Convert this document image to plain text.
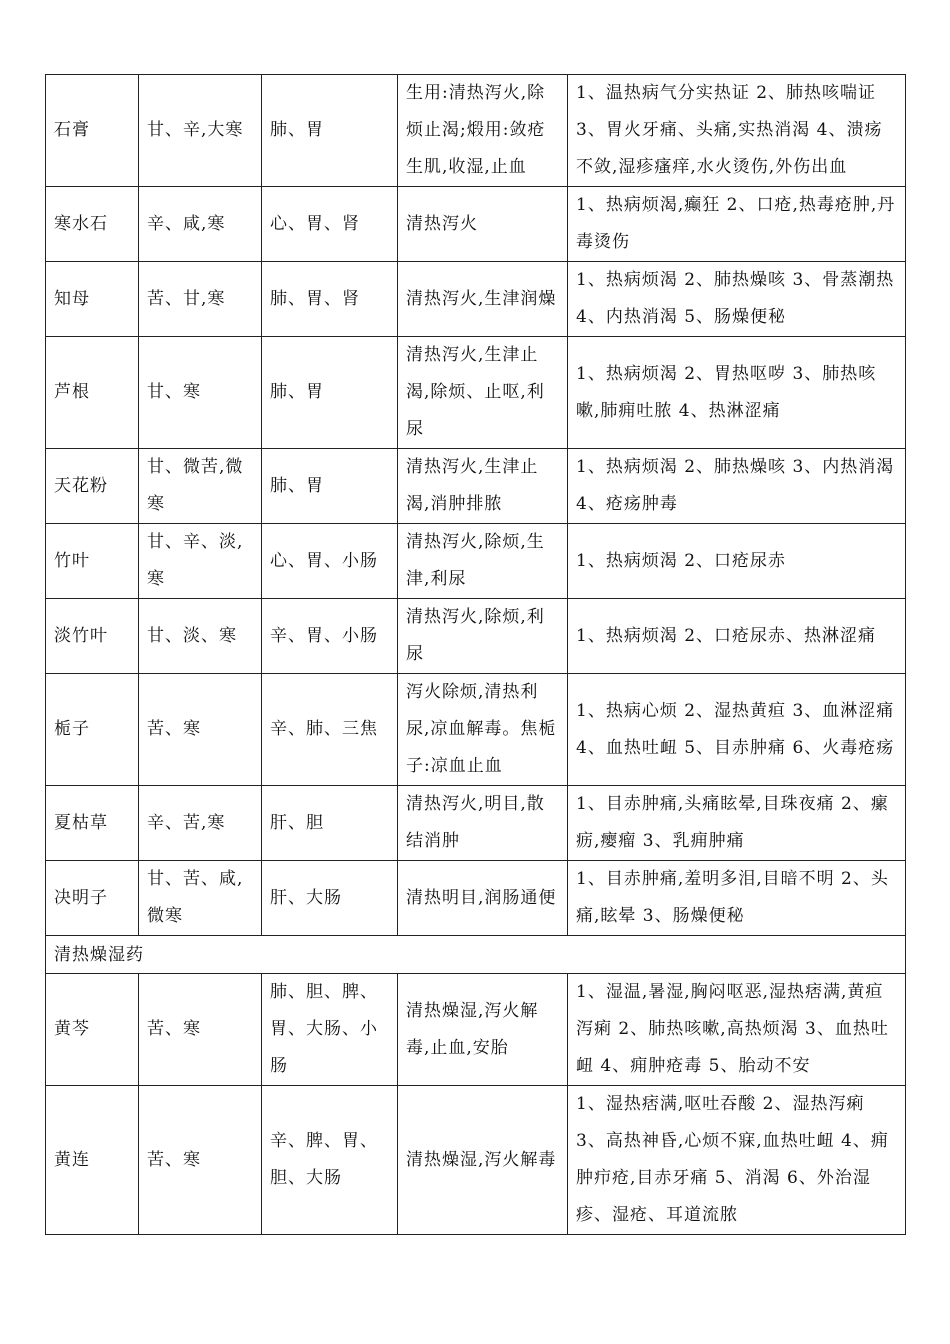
石膏	甘、辛,大寒	肺、胃	生用:清热泻火,除烦止渴;煅用:敛疮生肌,收湿,止血	1、温热病气分实热证 2、肺热咳喘证 3、胃火牙痛、头痛,实热消渴 4、溃疡不敛,湿疹瘙痒,水火烫伤,外伤出血
寒水石	辛、咸,寒	心、胃、肾	清热泻火	1、热病烦渴,癫狂 2、口疮,热毒疮肿,丹毒烫伤
知母	苦、甘,寒	肺、胃、肾	清热泻火,生津润燥	1、热病烦渴 2、肺热燥咳 3、骨蒸潮热 4、内热消渴 5、肠燥便秘
芦根	甘、寒	肺、胃	清热泻火,生津止渴,除烦、止呕,利尿	1、热病烦渴 2、胃热呕哕 3、肺热咳嗽,肺痈吐脓 4、热淋涩痛
天花粉	甘、微苦,微寒	肺、胃	清热泻火,生津止渴,消肿排脓	1、热病烦渴 2、肺热燥咳 3、内热消渴 4、疮疡肿毒
竹叶	甘、辛、淡,寒	心、胃、小肠	清热泻火,除烦,生津,利尿	1、热病烦渴 2、口疮尿赤
淡竹叶	甘、淡、寒	辛、胃、小肠	清热泻火,除烦,利尿	1、热病烦渴 2、口疮尿赤、热淋涩痛
栀子	苦、寒	辛、肺、三焦	泻火除烦,清热利尿,凉血解毒。焦栀子:凉血止血	1、热病心烦 2、湿热黄疸 3、血淋涩痛 4、血热吐衄 5、目赤肿痛 6、火毒疮疡
夏枯草	辛、苦,寒	肝、胆	清热泻火,明目,散结消肿	1、目赤肿痛,头痛眩晕,目珠夜痛 2、瘰疬,瘿瘤 3、乳痈肿痛
决明子	甘、苦、咸,微寒	肝、大肠	清热明目,润肠通便	1、目赤肿痛,羞明多泪,目暗不明 2、头痛,眩晕 3、肠燥便秘
清热燥湿药				
黄芩	苦、寒	肺、胆、脾、胃、大肠、小肠	清热燥湿,泻火解毒,止血,安胎	1、湿温,暑湿,胸闷呕恶,湿热痞满,黄疸泻痢 2、肺热咳嗽,高热烦渴 3、血热吐衄 4、痈肿疮毒 5、胎动不安
黄连	苦、寒	辛、脾、胃、胆、大肠	清热燥湿,泻火解毒	1、湿热痞满,呕吐吞酸 2、湿热泻痢 3、高热神昏,心烦不寐,血热吐衄 4、痈肿疖疮,目赤牙痛 5、消渴 6、外治湿疹、湿疮、耳道流脓
